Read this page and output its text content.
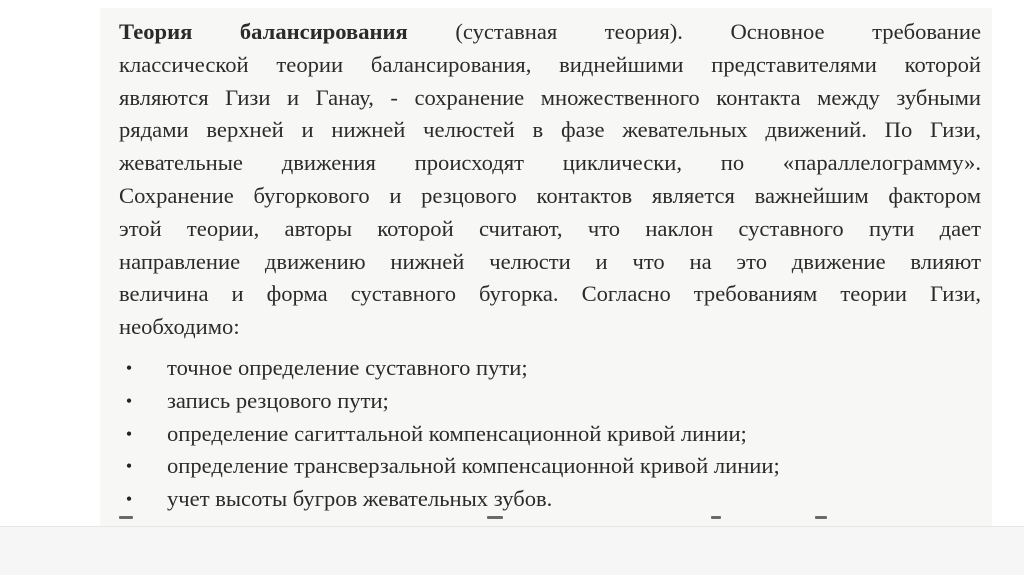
Теория балансирования (суставная теория). Основное требование
классической теории балансирования, виднейшими представителями которой
являются Гизи и Ганау, - сохранение множественного контакта между зубными
рядами верхней и нижней челюстей в фазе жевательных движений. По Гизи,
жевательные движения происходят циклически, по «параллелограмму».
Сохранение бугоркового и резцового контактов является важнейшим фактором
этой теории, авторы которой считают, что наклон суставного пути дает
направление движению нижней челюсти и что на это движение влияют
величина и форма суставного бугорка. Согласно требованиям теории Гизи,
необходимо:
•	точное определение суставного пути;
•	запись резцового пути;
•	определение сагиттальной компенсационной кривой линии;
•	определение трансверзальной компенсационной кривой линии;
•	учет высоты бугров жевательных зубов.
